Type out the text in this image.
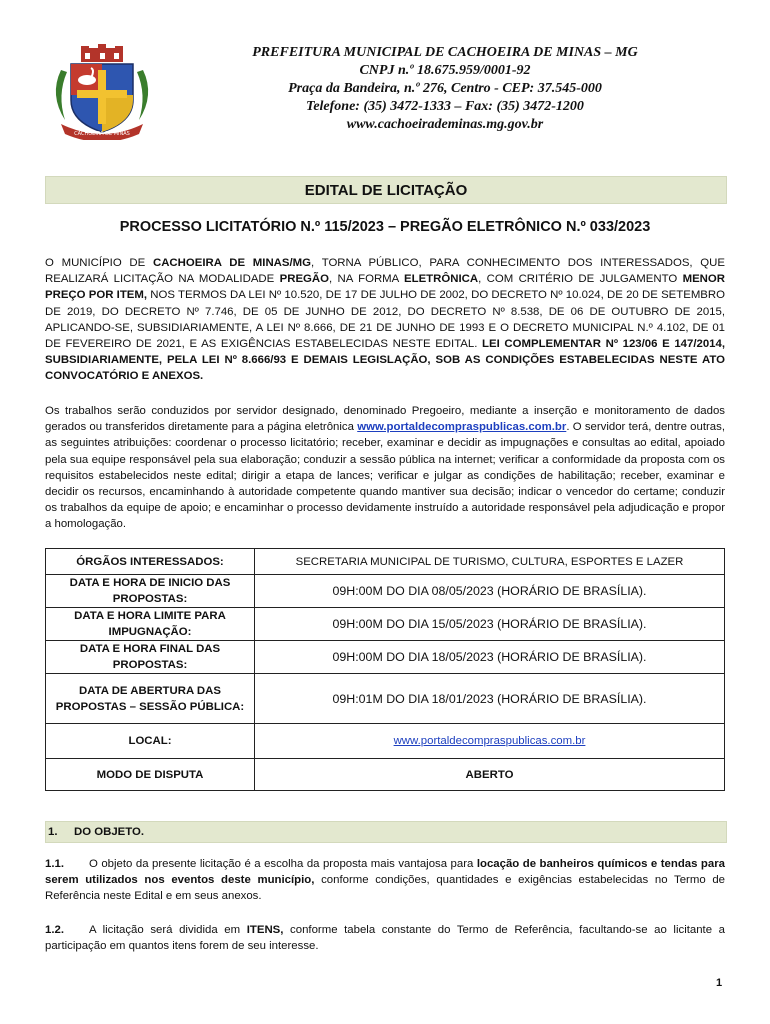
CACHOEIRA DE MINAS
PREFEITURA MUNICIPAL DE CACHOEIRA DE MINAS – MG
CNPJ n.º 18.675.959/0001-92
Praça da Bandeira, n.º 276, Centro - CEP: 37.545-000
Telefone: (35) 3472-1333 – Fax: (35) 3472-1200
www.cachoeirademinas.mg.gov.br
EDITAL DE LICITAÇÃO
PROCESSO LICITATÓRIO N.º 115/2023 – PREGÃO ELETRÔNICO N.º 033/2023
O MUNICÍPIO DE CACHOEIRA DE MINAS/MG, TORNA PÚBLICO, PARA CONHECIMENTO DOS INTERESSADOS, QUE REALIZARÁ LICITAÇÃO NA MODALIDADE PREGÃO, NA FORMA ELETRÔNICA, COM CRITÉRIO DE JULGAMENTO MENOR PREÇO POR ITEM, NOS TERMOS DA LEI Nº 10.520, DE 17 DE JULHO DE 2002, DO DECRETO Nº 10.024, DE 20 DE SETEMBRO DE 2019, DO DECRETO Nº 7.746, DE 05 DE JUNHO DE 2012, DO DECRETO Nº 8.538, DE 06 DE OUTUBRO DE 2015, APLICANDO-SE, SUBSIDIARIAMENTE, A LEI Nº 8.666, DE 21 DE JUNHO DE 1993 E O DECRETO MUNICIPAL N.º 4.102, DE 01 DE FEVEREIRO DE 2021, E AS EXIGÊNCIAS ESTABELECIDAS NESTE EDITAL. LEI COMPLEMENTAR Nº 123/06 E 147/2014, SUBSIDIARIAMENTE, PELA LEI Nº 8.666/93 E DEMAIS LEGISLAÇÃO, SOB AS CONDIÇÕES ESTABELECIDAS NESTE ATO CONVOCATÓRIO E ANEXOS.
Os trabalhos serão conduzidos por servidor designado, denominado Pregoeiro, mediante a inserção e monitoramento de dados gerados ou transferidos diretamente para a página eletrônica www.portaldecompraspublicas.com.br. O servidor terá, dentre outras, as seguintes atribuições: coordenar o processo licitatório; receber, examinar e decidir as impugnações e consultas ao edital, apoiado pela sua equipe responsável pela sua elaboração; conduzir a sessão pública na internet; verificar a conformidade da proposta com os requisitos estabelecidos neste edital; dirigir a etapa de lances; verificar e julgar as condições de habilitação; receber, examinar e decidir os recursos, encaminhando à autoridade competente quando mantiver sua decisão; indicar o vencedor do certame; conduzir os trabalhos da equipe de apoio; e encaminhar o processo devidamente instruído a autoridade responsável pela adjudicação e propor a homologação.
ÓRGÃOS INTERESSADOS:	SECRETARIA MUNICIPAL DE TURISMO, CULTURA, ESPORTES E LAZER
DATA E HORA DE INICIO DAS PROPOSTAS:	09H:00M DO DIA 08/05/2023 (HORÁRIO DE BRASÍLIA).
DATA E HORA LIMITE PARA IMPUGNAÇÃO:	09H:00M DO DIA 15/05/2023 (HORÁRIO DE BRASÍLIA).
DATA E HORA FINAL DAS PROPOSTAS:	09H:00M DO DIA 18/05/2023 (HORÁRIO DE BRASÍLIA).
DATA DE ABERTURA DAS PROPOSTAS – SESSÃO PÚBLICA:	09H:01M DO DIA 18/01/2023 (HORÁRIO DE BRASÍLIA).
LOCAL:	www.portaldecompraspublicas.com.br
MODO DE DISPUTA	ABERTO
1.	DO OBJETO.
1.1. O objeto da presente licitação é a escolha da proposta mais vantajosa para locação de banheiros químicos e tendas para serem utilizados nos eventos deste município, conforme condições, quantidades e exigências estabelecidas no Termo de Referência neste Edital e em seus anexos.
1.2. A licitação será dividida em ITENS, conforme tabela constante do Termo de Referência, facultando-se ao licitante a participação em quantos itens forem de seu interesse.
1
